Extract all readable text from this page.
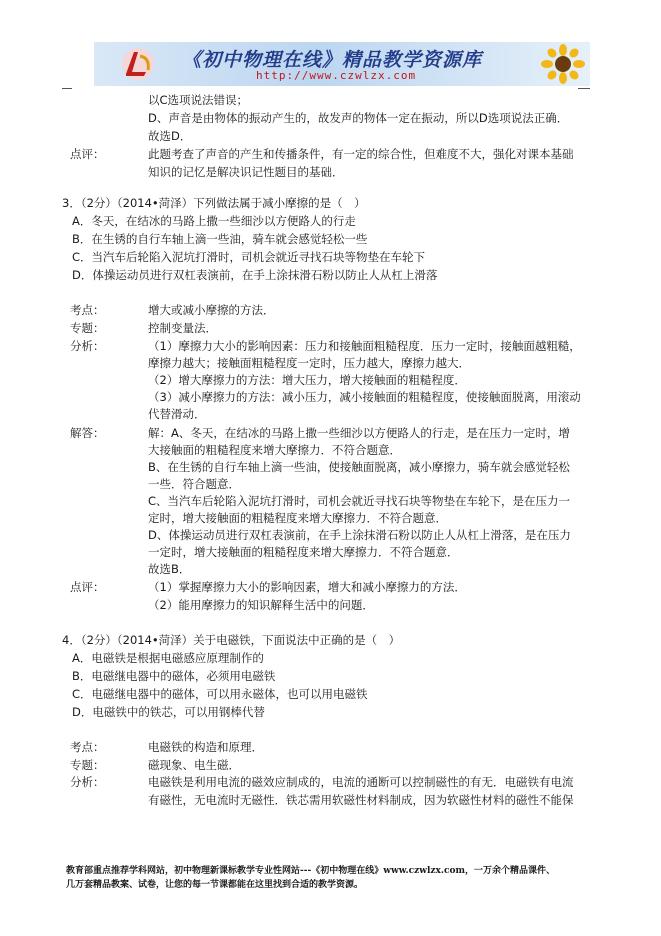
《初中物理在线》精品教学资源库
http://www.czwlzx.com
以C选项说法错误；
D、声音是由物体的振动产生的，故发声的物体一定在振动，所以D选项说法正确．
故选D．
点评：	此题考查了声音的产生和传播条件，有一定的综合性，但难度不大，强化对课本基础
知识的记忆是解决识记性题目的基础．
3．（2分）（2014•菏泽）下列做法属于减小摩擦的是（　）
A．冬天，在结冰的马路上撒一些细沙以方便路人的行走
B．在生锈的自行车轴上滴一些油，骑车就会感觉轻松一些
C．当汽车后轮陷入泥坑打滑时，司机会就近寻找石块等物垫在车轮下
D．体操运动员进行双杠表演前，在手上涂抹滑石粉以防止人从杠上滑落
考点：	增大或减小摩擦的方法．
专题：	控制变量法．
分析：	（1）摩擦力大小的影响因素：压力和接触面粗糙程度．压力一定时，接触面越粗糙，
摩擦力越大；接触面粗糙程度一定时，压力越大，摩擦力越大．
（2）增大摩擦力的方法：增大压力，增大接触面的粗糙程度．
（3）减小摩擦力的方法：减小压力，减小接触面的粗糙程度，使接触面脱离，用滚动
代替滑动．
解答：	解：A、冬天，在结冰的马路上撒一些细沙以方便路人的行走，是在压力一定时，增
大接触面的粗糙程度来增大摩擦力．不符合题意．
B、在生锈的自行车轴上滴一些油，使接触面脱离，减小摩擦力，骑车就会感觉轻松
一些．符合题意．
C、当汽车后轮陷入泥坑打滑时，司机会就近寻找石块等物垫在车轮下，是在压力一
定时，增大接触面的粗糙程度来增大摩擦力．不符合题意．
D、体操运动员进行双杠表演前，在手上涂抹滑石粉以防止人从杠上滑落，是在压力
一定时，增大接触面的粗糙程度来增大摩擦力．不符合题意．
故选B．
点评：	（1）掌握摩擦力大小的影响因素，增大和减小摩擦力的方法．
（2）能用摩擦力的知识解释生活中的问题．
4．（2分）（2014•菏泽）关于电磁铁，下面说法中正确的是（　）
A．电磁铁是根据电磁感应原理制作的
B．电磁继电器中的磁体，必须用电磁铁
C．电磁继电器中的磁体，可以用永磁体，也可以用电磁铁
D．电磁铁中的铁芯，可以用钢棒代替
考点：	电磁铁的构造和原理．
专题：	磁现象、电生磁．
分析：	电磁铁是利用电流的磁效应制成的，电流的通断可以控制磁性的有无．电磁铁有电流
有磁性，无电流时无磁性．铁芯需用软磁性材料制成，因为软磁性材料的磁性不能保
教育部重点推荐学科网站，初中物理新课标教学专业性网站---《初中物理在线》www.czwlzx.com，一万余个精品课件、
几万套精品教案、试卷，让您的每一节课都能在这里找到合适的教学资源。
